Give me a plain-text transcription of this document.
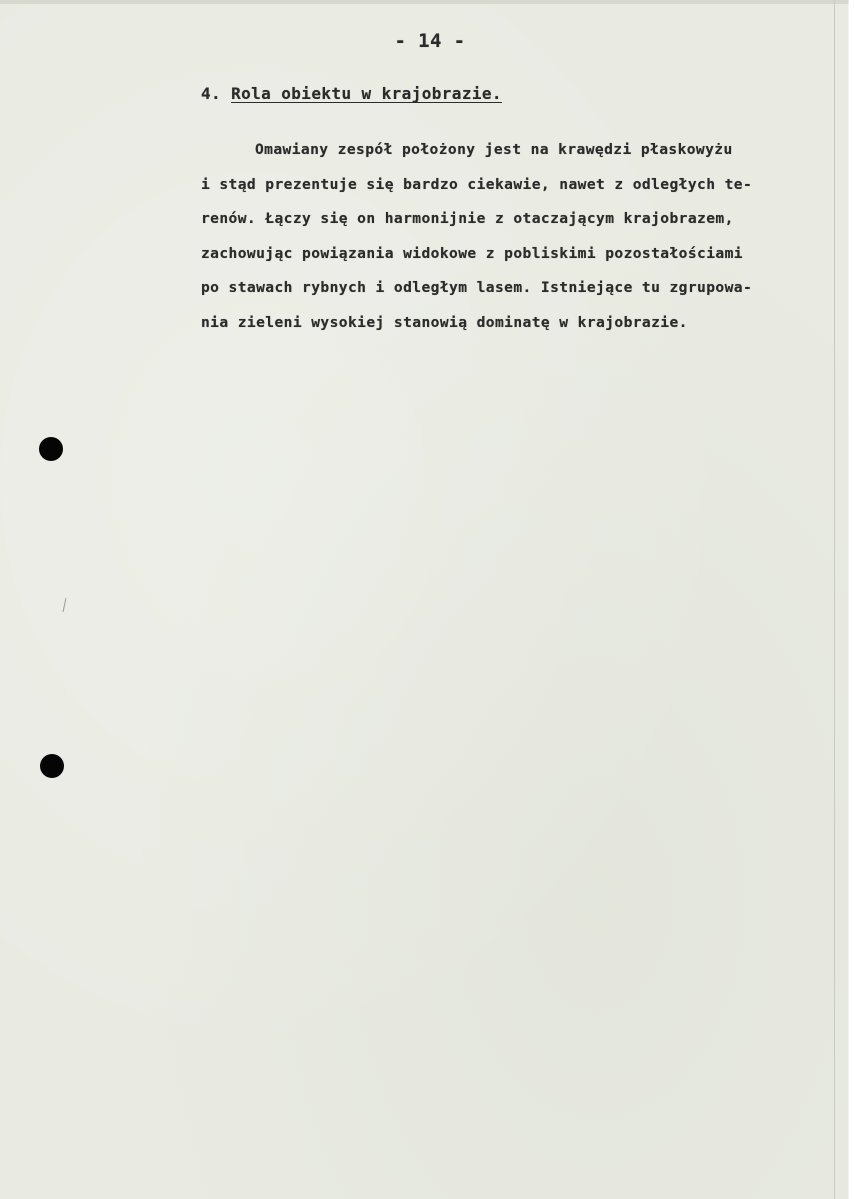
- 14 -
4. Rola obiektu w krajobrazie.
Omawiany zespół położony jest na krawędzi płaskowyżu
i stąd prezentuje się bardzo ciekawie, nawet z odległych te-
renów. Łączy się on harmonijnie z otaczającym krajobrazem,
zachowując powiązania widokowe z pobliskimi pozostałościami
po stawach rybnych i odległym lasem. Istniejące tu zgrupowa-
nia zieleni wysokiej stanowią dominatę w krajobrazie.
